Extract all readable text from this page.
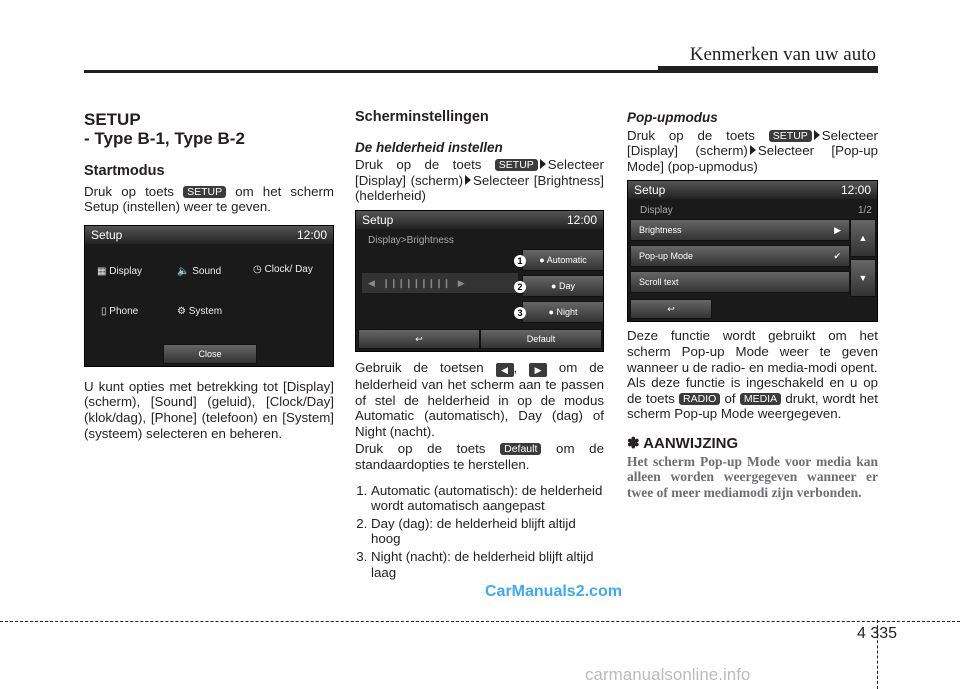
Kenmerken van uw auto
SETUP
- Type B-1, Type B-2
Startmodus

Druk op toets SETUP om het scherm Setup (instellen) weer te geven.

Setup	12:00
▦ Display	🔈 Sound	◷ Clock/ Day
▯ Phone	⚙ System
Close

U kunt opties met betrekking tot [Display] (scherm), [Sound] (geluid), [Clock/Day] (klok/dag), [Phone] (telefoon) en [System] (systeem) selecteren en beheren.

Scherminstellingen
De helderheid instellen

Druk op de toets SETUP Selecteer [Display] (scherm) Selecteer [Brightness] (helderheid)

Setup	12:00
Display>Brightness
◀   ❙❙❙❙❙❙❙❙❙   ▶
● Automatic
● Day
● Night
1
2
3
↩	Default

Gebruik de toetsen ◀ , ▶ om de helderheid van het scherm aan te passen of stel de helderheid in op de modus Automatic (automatisch), Day (dag) of Night (nacht).

Druk op de toets Default om de standaardopties te herstellen.

1. Automatic (automatisch): de helderheid wordt automatisch aangepast
2. Day (dag): de helderheid blijft altijd hoog
3. Night (nacht): de helderheid blijft altijd laag
Pop-upmodus

Druk op de toets SETUP Selecteer [Display] (scherm) Selecteer [Pop-up Mode] (pop-upmodus)

Setup	12:00
Display	1/2
Brightness	▶
Pop-up Mode	✔
Scroll text
▲
▼
↩

Deze functie wordt gebruikt om het scherm Pop-up Mode weer te geven wanneer u de radio- en media-modi opent.

Als deze functie is ingeschakeld en u op de toets RADIO of MEDIA drukt, wordt het scherm Pop-up Mode weergegeven.

✽ AANWIJZING
Het scherm Pop-up Mode voor media kan alleen worden weergegeven wanneer er twee of meer mediamodi zijn verbonden.
4 335
CarManuals2.com
carmanualsonline.info
